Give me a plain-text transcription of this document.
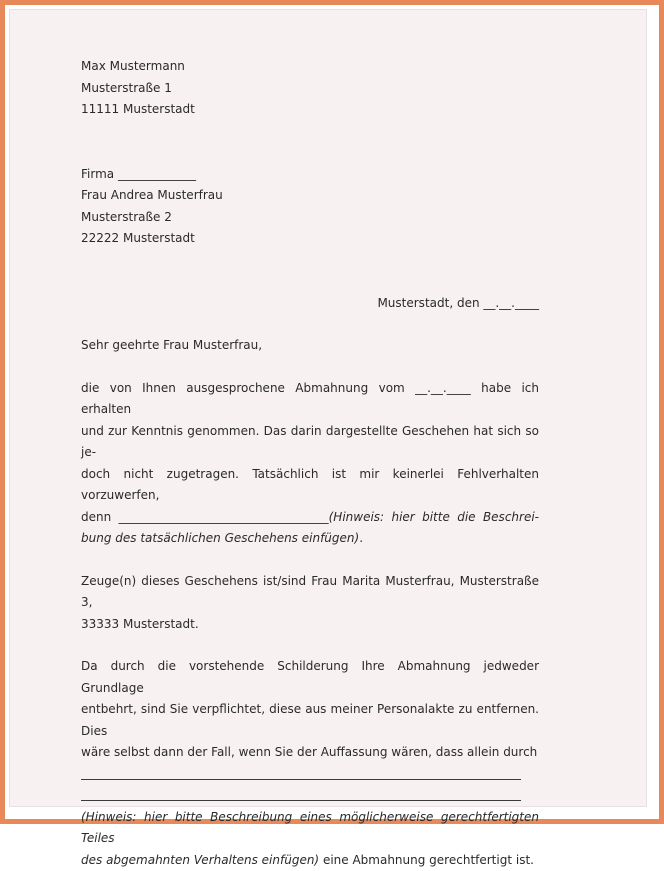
Max Mustermann
Musterstraße 1
11111 Musterstadt
Firma _____________
Frau Andrea Musterfrau
Musterstraße 2
22222 Musterstadt
Musterstadt, den __.__.____
Sehr geehrte Frau Musterfrau,
die von Ihnen ausgesprochene Abmahnung vom __.__.____ habe ich erhalten
und zur Kenntnis genommen. Das darin dargestellte Geschehen hat sich so je-
doch nicht zugetragen. Tatsächlich ist mir keinerlei Fehlverhalten vorzuwerfen,
denn ___________________________________(Hinweis: hier bitte die Beschrei-
bung des tatsächlichen Geschehens einfügen).
Zeuge(n) dieses Geschehens ist/sind Frau Marita Musterfrau, Musterstraße 3,
33333 Musterstadt.
Da durch die vorstehende Schilderung Ihre Abmahnung jedweder Grundlage
entbehrt, sind Sie verpflichtet, diese aus meiner Personalakte zu entfernen. Dies
wäre selbst dann der Fall, wenn Sie der Auffassung wären, dass allein durch
(Hinweis: hier bitte Beschreibung eines möglicherweise gerechtfertigten Teiles
des abgemahnten Verhaltens einfügen) eine Abmahnung gerechtfertigt ist.
